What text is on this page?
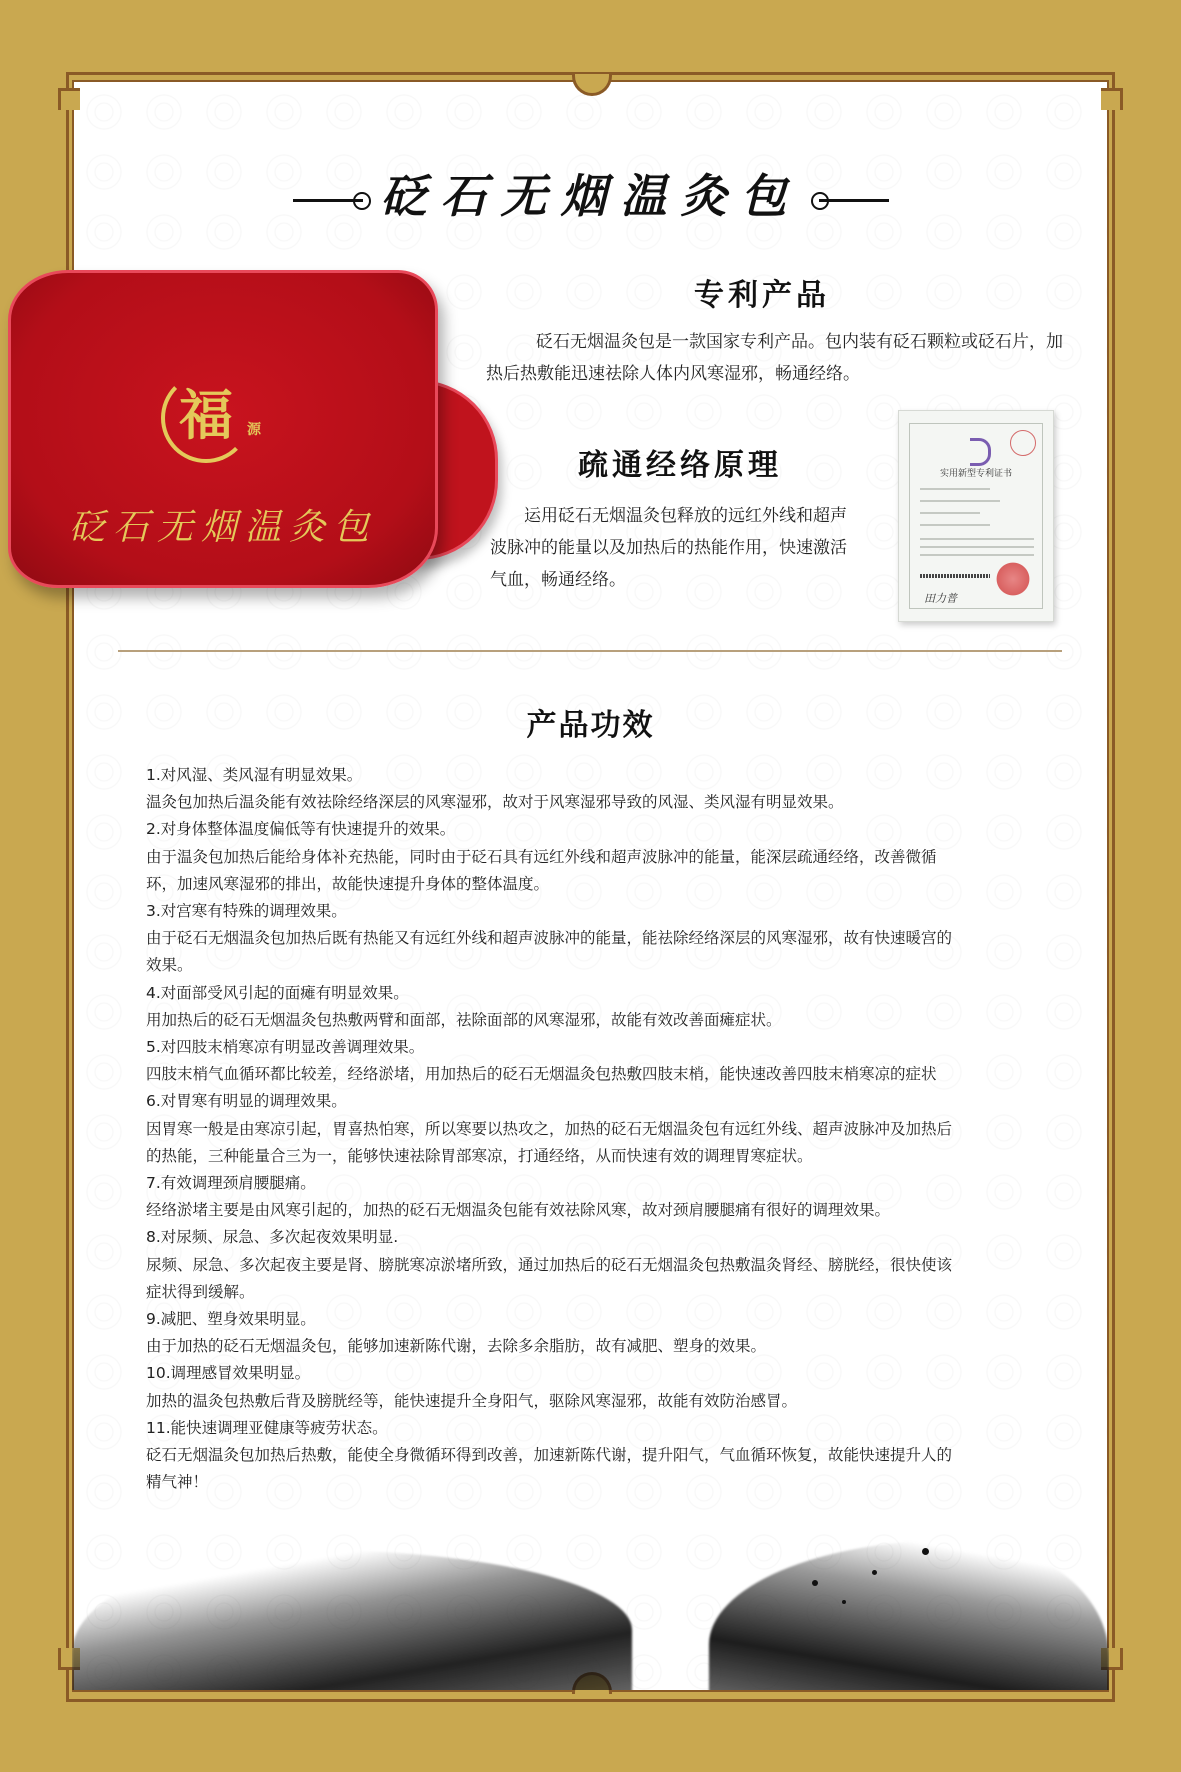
砭石无烟温灸包
福 源
砭石无烟温灸包
专利产品
砭石无烟温灸包是一款国家专利产品。包内装有砭石颗粒或砭石片，加热后热敷能迅速祛除人体内风寒湿邪，畅通经络。
疏通经络原理
运用砭石无烟温灸包释放的远红外线和超声波脉冲的能量以及加热后的热能作用，快速激活气血，畅通经络。
实用新型专利证书
田力普
产品功效
1.对风湿、类风湿有明显效果。
温灸包加热后温灸能有效祛除经络深层的风寒湿邪，故对于风寒湿邪导致的风湿、类风湿有明显效果。
2.对身体整体温度偏低等有快速提升的效果。
由于温灸包加热后能给身体补充热能，同时由于砭石具有远红外线和超声波脉冲的能量，能深层疏通经络，改善微循
环，加速风寒湿邪的排出，故能快速提升身体的整体温度。
3.对宫寒有特殊的调理效果。
由于砭石无烟温灸包加热后既有热能又有远红外线和超声波脉冲的能量，能祛除经络深层的风寒湿邪，故有快速暖宫的
效果。
4.对面部受风引起的面瘫有明显效果。
用加热后的砭石无烟温灸包热敷两臂和面部，祛除面部的风寒湿邪，故能有效改善面瘫症状。
5.对四肢末梢寒凉有明显改善调理效果。
四肢末梢气血循环都比较差，经络淤堵，用加热后的砭石无烟温灸包热敷四肢末梢，能快速改善四肢末梢寒凉的症状
6.对胃寒有明显的调理效果。
因胃寒一般是由寒凉引起，胃喜热怕寒，所以寒要以热攻之，加热的砭石无烟温灸包有远红外线、超声波脉冲及加热后
的热能，三种能量合三为一，能够快速祛除胃部寒凉，打通经络，从而快速有效的调理胃寒症状。
7.有效调理颈肩腰腿痛。
经络淤堵主要是由风寒引起的，加热的砭石无烟温灸包能有效祛除风寒，故对颈肩腰腿痛有很好的调理效果。
8.对尿频、尿急、多次起夜效果明显.
尿频、尿急、多次起夜主要是肾、膀胱寒凉淤堵所致，通过加热后的砭石无烟温灸包热敷温灸肾经、膀胱经，很快使该
症状得到缓解。
9.减肥、塑身效果明显。
由于加热的砭石无烟温灸包，能够加速新陈代谢，去除多余脂肪，故有减肥、塑身的效果。
10.调理感冒效果明显。
加热的温灸包热敷后背及膀胱经等，能快速提升全身阳气，驱除风寒湿邪，故能有效防治感冒。
11.能快速调理亚健康等疲劳状态。
砭石无烟温灸包加热后热敷，能使全身微循环得到改善，加速新陈代谢，提升阳气，气血循环恢复，故能快速提升人的
精气神！
